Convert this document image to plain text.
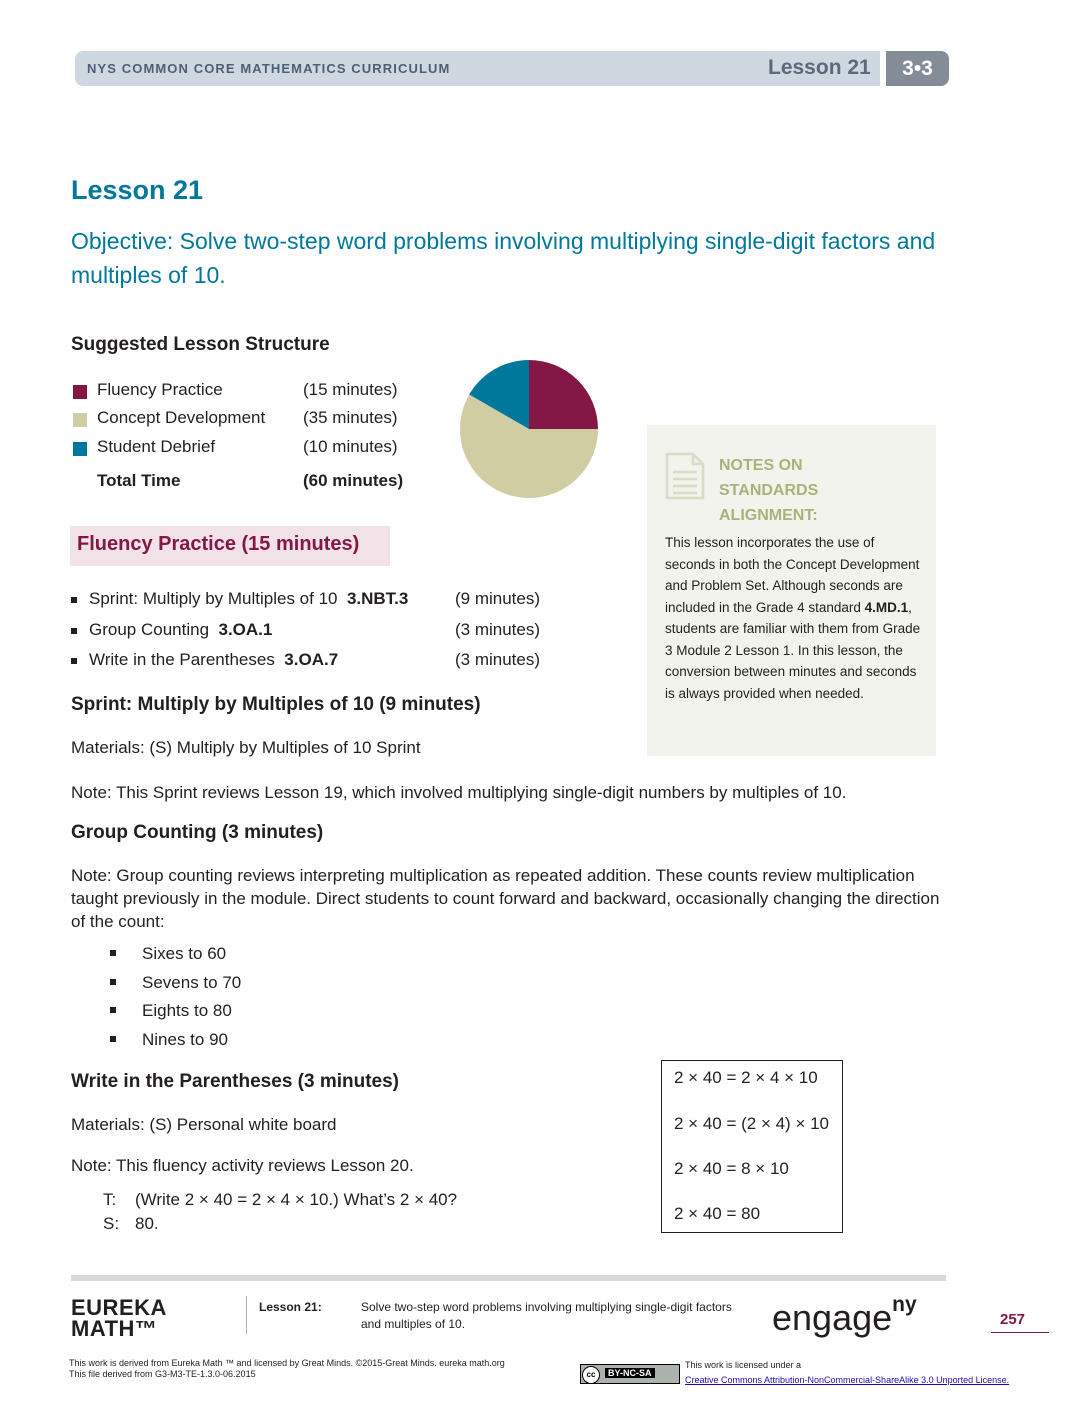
NYS COMMON CORE MATHEMATICS CURRICULUM	Lesson 21	3•3
Lesson 21
Objective: Solve two-step word problems involving multiplying single-digit factors and multiples of 10.
Suggested Lesson Structure
Fluency Practice	(15 minutes)
Concept Development (35 minutes)
Student Debrief	(10 minutes)
Total Time	(60 minutes)
NOTES ON STANDARDS ALIGNMENT:
This lesson incorporates the use of seconds in both the Concept Development and Problem Set. Although seconds are included in the Grade 4 standard 4.MD.1, students are familiar with them from Grade 3 Module 2 Lesson 1. In this lesson, the conversion between minutes and seconds is always provided when needed.
Fluency Practice (15 minutes)
Sprint: Multiply by Multiples of 10 3.NBT.3	(9 minutes)
Group Counting 3.OA.1	(3 minutes)
Write in the Parentheses 3.OA.7	(3 minutes)
Sprint: Multiply by Multiples of 10 (9 minutes)
Materials: (S) Multiply by Multiples of 10 Sprint
Note: This Sprint reviews Lesson 19, which involved multiplying single-digit numbers by multiples of 10.
Group Counting (3 minutes)
Note: Group counting reviews interpreting multiplication as repeated addition. These counts review multiplication taught previously in the module. Direct students to count forward and backward, occasionally changing the direction of the count:
Sixes to 60
Sevens to 70
Eights to 80
Nines to 90
Write in the Parentheses (3 minutes)
Materials: (S) Personal white board
Note: This fluency activity reviews Lesson 20.
T: (Write 2 × 40 = 2 × 4 × 10.) What’s 2 × 40?
S: 80.
2 × 40 = 2 × 4 × 10
2 × 40 = (2 × 4) × 10
2 × 40 = 8 × 10
2 × 40 = 80
EUREKA
MATH™
Lesson 21:	Solve two-step word problems involving multiplying single-digit factors and multiples of 10.	engage$^{ny}$
257
This work is derived from Eureka Math ™ and licensed by Great Minds. ©2015-Great Minds. eureka math.org
This file derived from G3-M3-TE-1.3.0-06.2015	cc	BY-NC-SA
This work is licensed under a
Creative Commons Attribution-NonCommercial-ShareAlike 3.0 Unported License.
